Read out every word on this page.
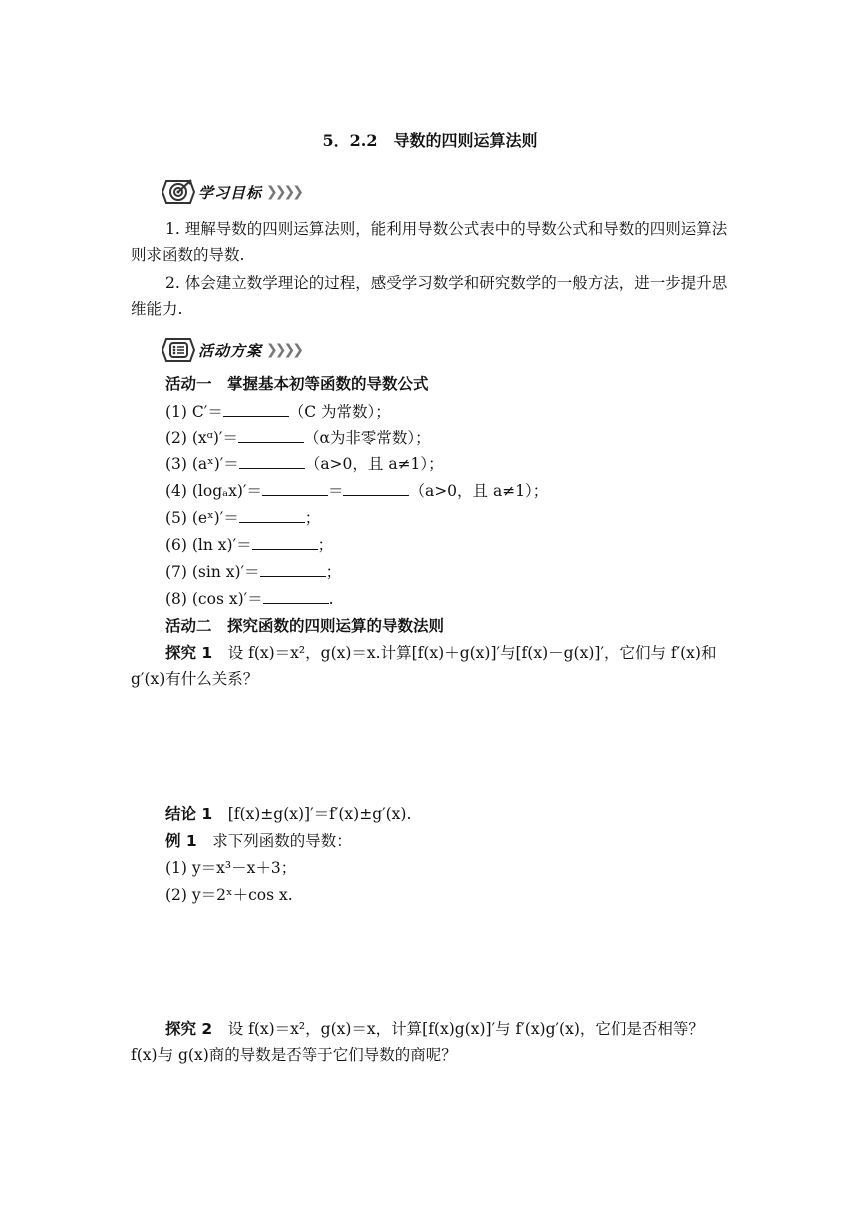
5．2.2　导数的四则运算法则
学习目标 ❯❯❯❯
1. 理解导数的四则运算法则，能利用导数公式表中的导数公式和导数的四则运算法则求函数的导数.
2. 体会建立数学理论的过程，感受学习数学和研究数学的一般方法，进一步提升思维能力.
活动方案 ❯❯❯❯
活动一　掌握基本初等函数的导数公式
(1) C′＝	（C 为常数）；
(2) (xᵅ)′＝	（α为非零常数）；
(3) (aˣ)′＝	（a>0，且 a≠1）；
(4) (logₐx)′＝	＝	（a>0，且 a≠1）；
(5) (eˣ)′＝	；
(6) (ln x)′＝	；
(7) (sin x)′＝	；
(8) (cos x)′＝	.
活动二　探究函数的四则运算的导数法则
探究 1　设 f(x)＝x²，g(x)＝x.计算[f(x)＋g(x)]′与[f(x)－g(x)]′，它们与 f′(x)和 g′(x)有什么关系？
结论 1　[f(x)±g(x)]′＝f′(x)±g′(x).
例 1　求下列函数的导数：
(1) y＝x³－x＋3；
(2) y＝2ˣ＋cos x.
探究 2　设 f(x)＝x²，g(x)＝x，计算[f(x)g(x)]′与 f′(x)g′(x)，它们是否相等？f(x)与 g(x)商的导数是否等于它们导数的商呢？
